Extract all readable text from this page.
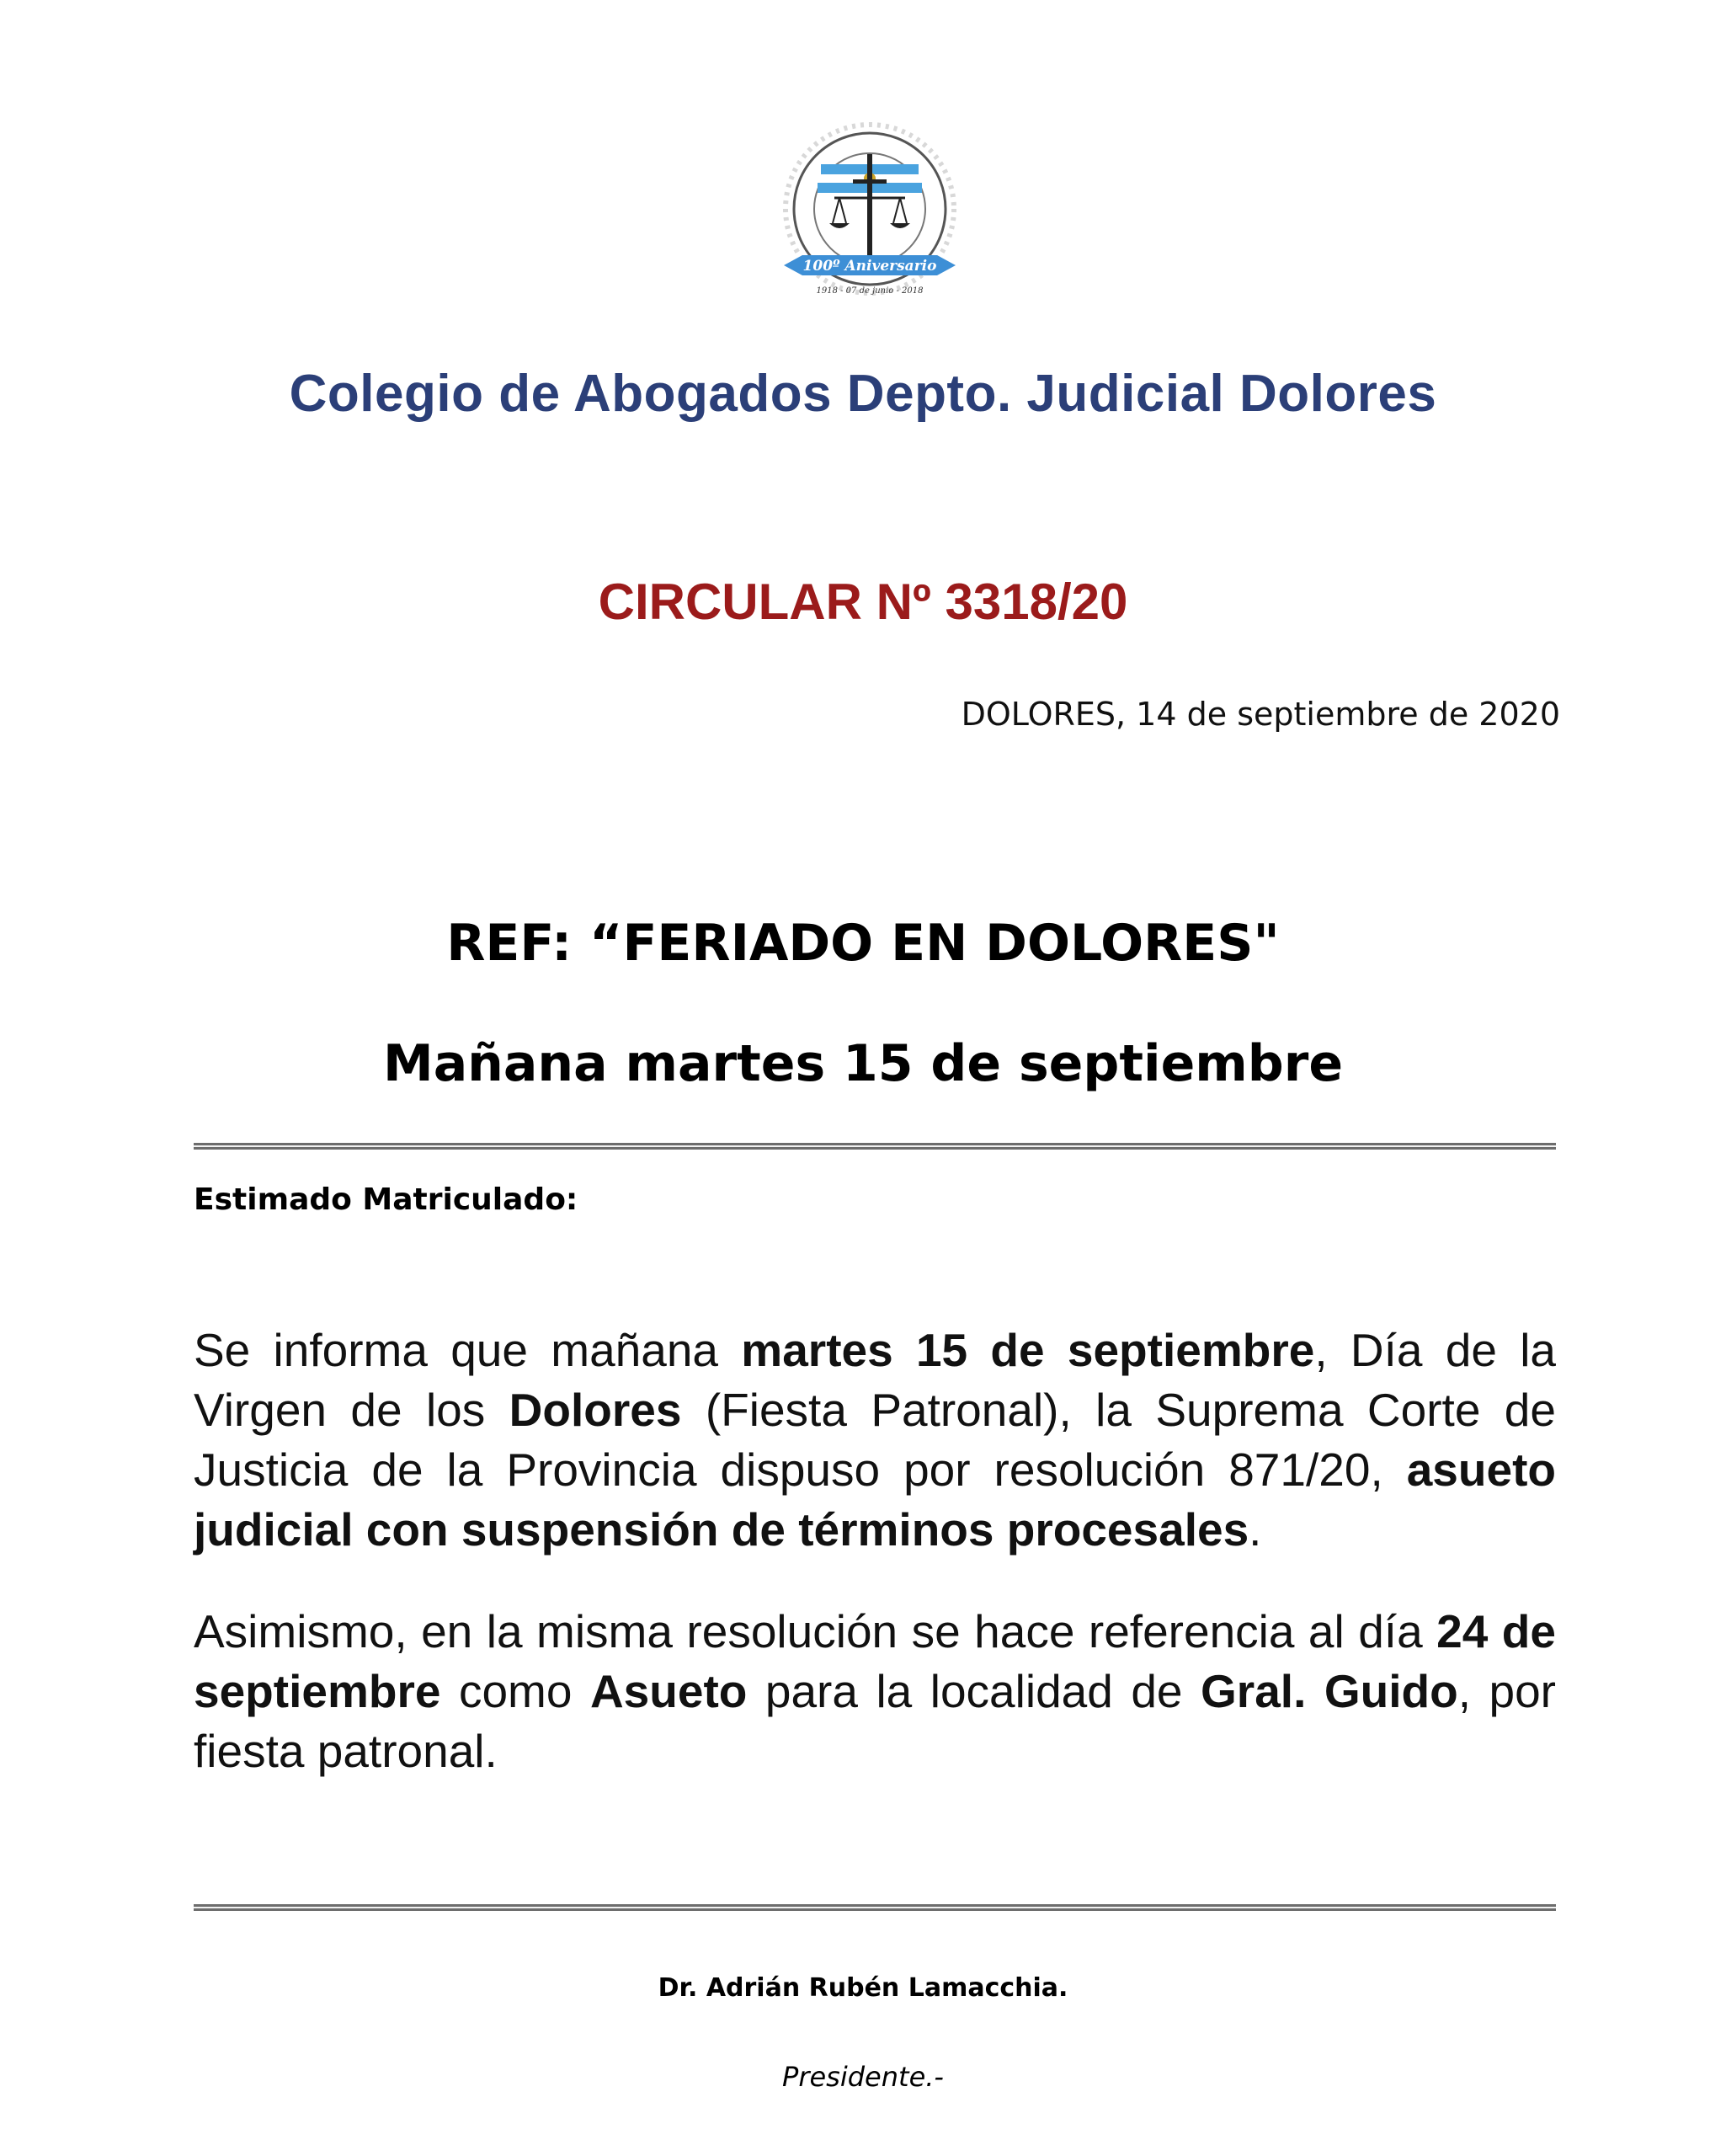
100º Aniversario
1918 - 07 de junio - 2018
Colegio de Abogados Depto. Judicial Dolores
CIRCULAR Nº 3318/20
DOLORES, 14 de septiembre de 2020
REF: “FERIADO EN DOLORES"
Mañana martes 15 de septiembre
Estimado Matriculado:
Se informa que mañana martes 15 de septiembre, Día de la Virgen de los Dolores (Fiesta Patronal), la Suprema Corte de Justicia de la Provincia dispuso por resolución 871/20, asueto judicial con suspensión de términos procesales.
Asimismo, en la misma resolución se hace referencia al día 24 de septiembre como Asueto para la localidad de Gral. Guido, por fiesta patronal.
Dr. Adrián Rubén Lamacchia.
Presidente.-
